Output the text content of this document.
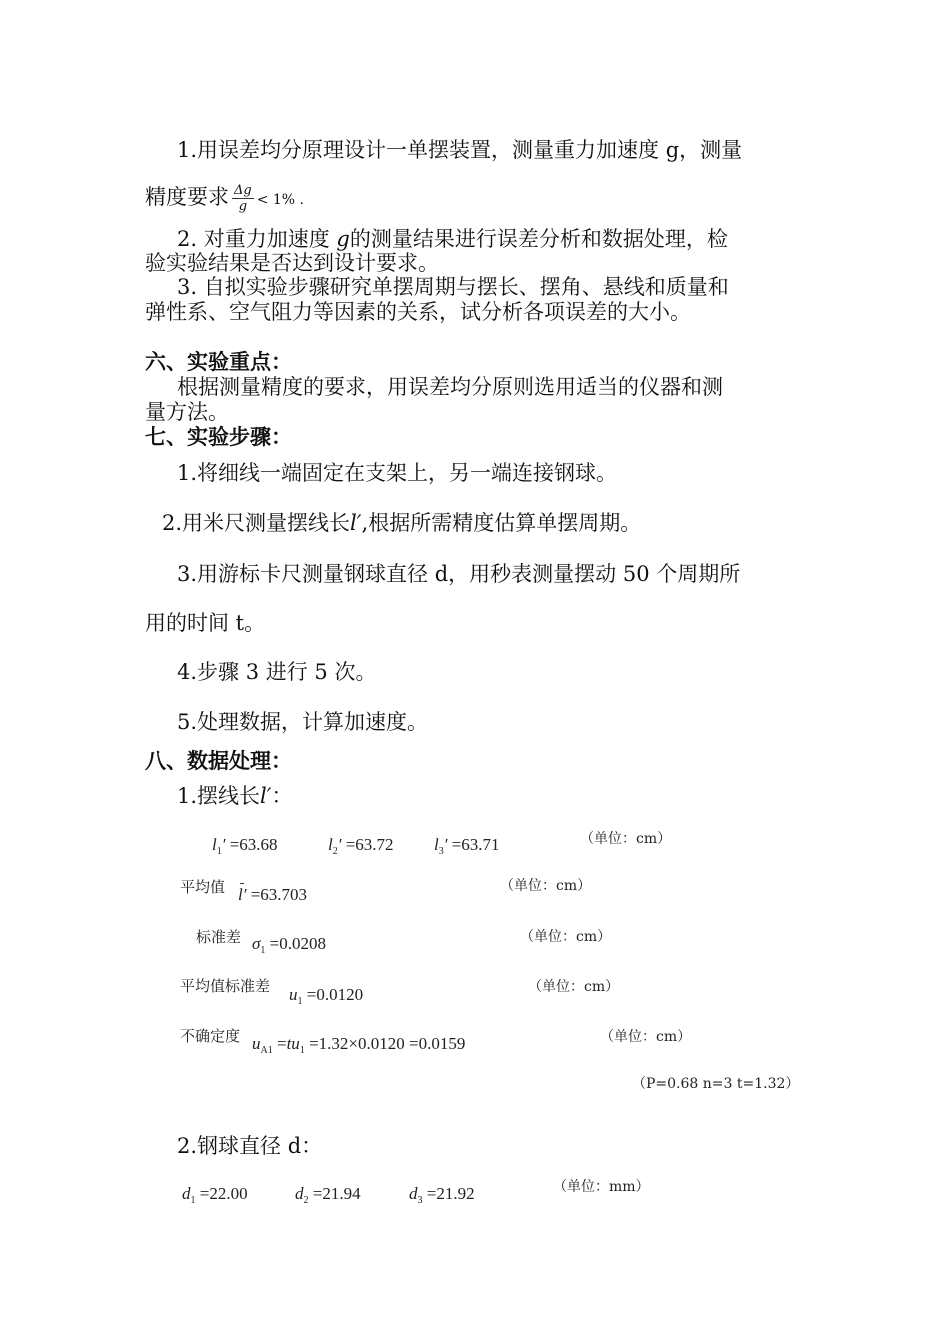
1.用误差均分原理设计一单摆装置，测量重力加速度 g，测量
精度要求 $\frac{\Delta g}{g} < 1\%$ .
2. 对重力加速度 g的测量结果进行误差分析和数据处理，检
验实验结果是否达到设计要求。
3. 自拟实验步骤研究单摆周期与摆长、摆角、悬线和质量和
弹性系、空气阻力等因素的关系，试分析各项误差的大小。
六、实验重点：
根据测量精度的要求，用误差均分原则选用适当的仪器和测
量方法。
七、实验步骤：
1.将细线一端固定在支架上，另一端连接钢球。
2.用米尺测量摆线长l′,根据所需精度估算单摆周期。
3.用游标卡尺测量钢球直径 d，用秒表测量摆动 50 个周期所
用的时间 t。
4.步骤 3 进行 5 次。
5.处理数据，计算加速度。
八、数据处理：
1.摆线长l′：
$l_1' =63.68$	$l_2' =63.72$ $l_3' =63.71$	（单位：cm）
平均值 l′ =63.703	（单位：cm）
标准差 $\sigma_1 =0.0208$	（单位：cm）
平均值标准差 $u_1 =0.0120$	（单位：cm）
不确定度 $u_{A1} =tu_1 =1.32\times 0.0120 =0.0159$	（单位：cm）
（P=0.68 n=3 t=1.32）
2.钢球直径 d：
$d_1 =22.00$	$d_2 =21.94$	$d_3 =21.92$	（单位：mm）
